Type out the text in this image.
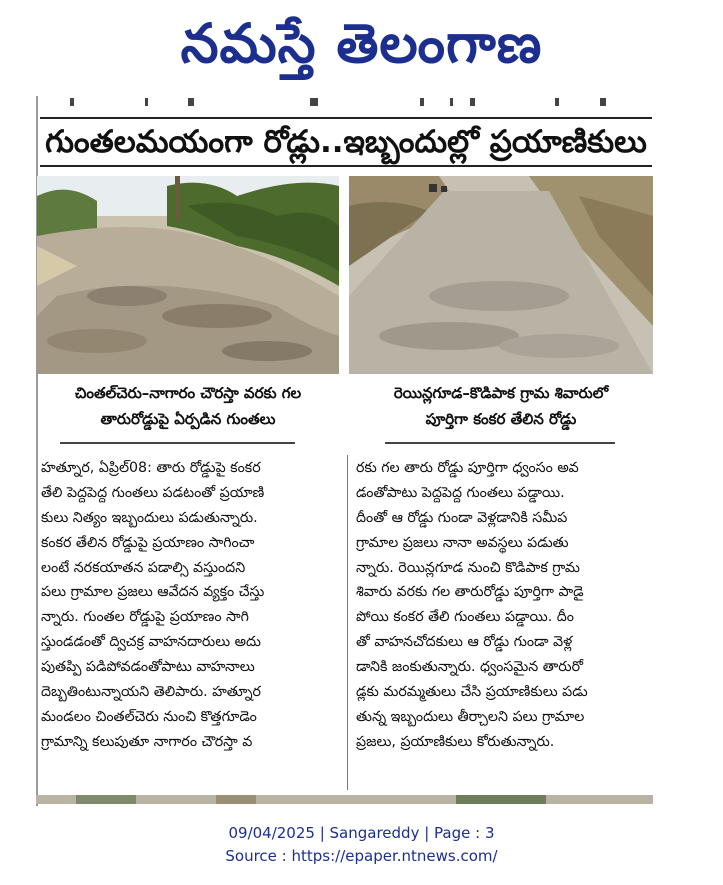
నమస్తే తెలంగాణ
గుంతలమయంగా రోడ్లు..ఇబ్బందుల్లో ప్రయాణికులు
చింతల్‌చెరు–నాగారం చౌరస్తా వరకు గల
తారురోడ్డుపై ఏర్పడిన గుంతలు
రెయిన్లగూడ–కొడిపాక గ్రామ శివారులో
పూర్తిగా కంకర తేలిన రోడ్డు
హత్నూర, ఏప్రిల్08: తారు రోడ్డుపై కంకర
తేలి పెద్దపెద్ద గుంతలు పడటంతో ప్రయాణి
కులు నిత్యం ఇబ్బందులు పడుతున్నారు.
కంకర తేలిన రోడ్డుపై ప్రయాణం సాగించా
లంటే నరకయాతన పడాల్సి వస్తుందని
పలు గ్రామాల ప్రజలు ఆవేదన వ్యక్తం చేస్తు
న్నారు. గుంతల రోడ్డుపై ప్రయాణం సాగి
స్తుండడంతో ద్విచక్ర వాహనదారులు అదు
పుతప్పి పడిపోవడంతోపాటు వాహనాలు
దెబ్బతింటున్నాయని తెలిపారు. హత్నూర
మండలం చింతల్‌చెరు నుంచి కొత్తగూడెం
గ్రామాన్ని కలుపుతూ నాగారం చౌరస్తా వ
రకు గల తారు రోడ్డు పూర్తిగా ధ్వంసం అవ
డంతోపాటు పెద్దపెద్ద గుంతలు పడ్డాయి.
దీంతో ఆ రోడ్డు గుండా వెళ్లడానికి సమీప
గ్రామాల ప్రజలు నానా అవస్థలు పడుతు
న్నారు. రెయిన్లగూడ నుంచి కొడిపాక గ్రామ
శివారు వరకు గల తారురోడ్డు పూర్తిగా పాడై
పోయి కంకర తేలి గుంతలు పడ్డాయి. దీం
తో వాహనచోదకులు ఆ రోడ్డు గుండా వెళ్ల
డానికి జంకుతున్నారు. ధ్వంసమైన తారురో
డ్లకు మరమ్మతులు చేసి ప్రయాణికులు పడు
తున్న ఇబ్బందులు తీర్చాలని పలు గ్రామాల
ప్రజలు, ప్రయాణికులు కోరుతున్నారు.
09/04/2025 | Sangareddy | Page : 3
Source : https://epaper.ntnews.com/
